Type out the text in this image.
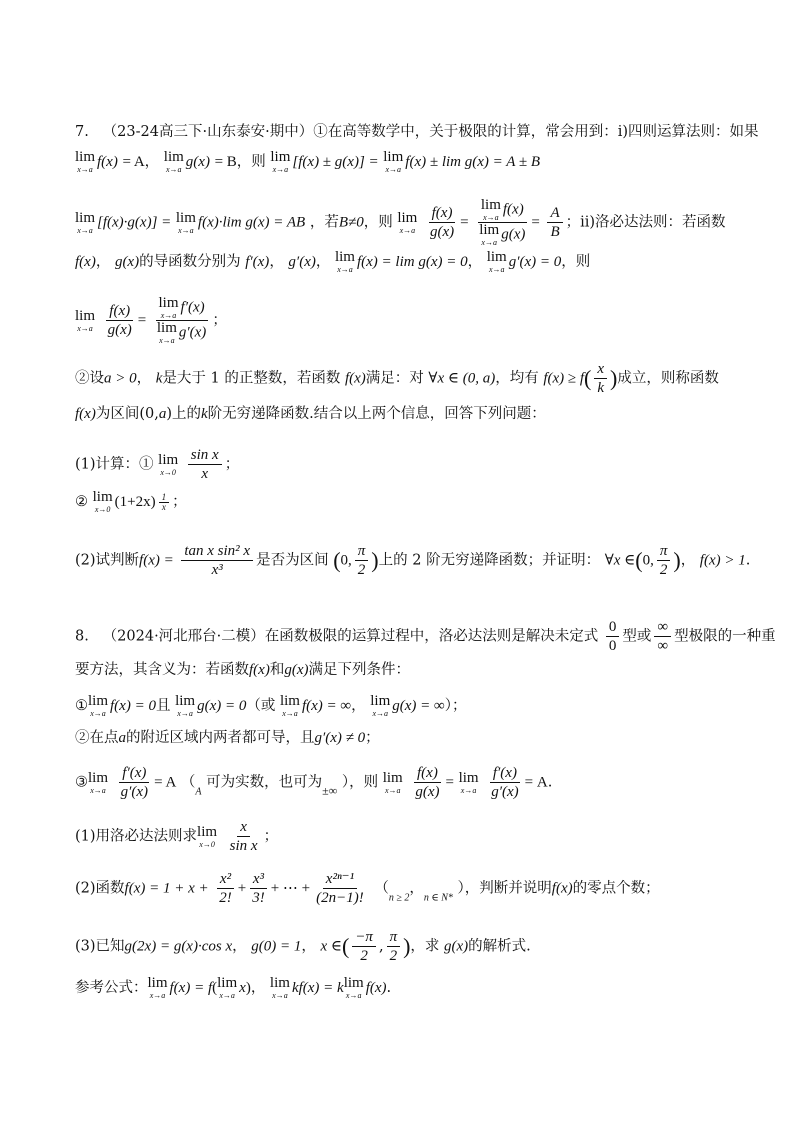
7. （23-24高三下·山东泰安·期中）①在高等数学中，关于极限的计算，常会用到：i)四则运算法则：如果
lim
x→a f(x) = A， lim
x→a g(x) = B，则 lim
x→a [f(x) ± g(x)] = lim
x→a f(x) ± lim g(x) = A ± B
lim
x→a [f(x)·g(x)] = lim
x→a f(x)·lim g(x) = AB ，若B≠0，则 lim
x→a
$\frac{f(x)}{g(x)} = \lim$
x→a
f(x)
lim
x→a
$g(x) = \frac{A}{B}$ ；ii)洛必达法则：若函数
f(x)， g(x)的导函数分别为 f′(x)， g′(x)， lim
x→a f(x) = lim g(x) = 0， lim
x→a g′(x) = 0，则
lim
x→a
$\frac{f(x)}{g(x)} = \lim$
x→a
f′(x)
lim
x→a
g′(x) ；
②设a > 0， k是大于 1 的正整数，若函数 f(x)满足：对 ∀x ∈ (0, a)，均有 $f(x) \ge f( \frac{x}{k}$ )成立，则称函数
f(x)为区间(0,a)上的k阶无穷递降函数.结合以上两个信息，回答下列问题：
(1)计算：① lim
x→0
$\frac{\text{sin x}}{x}$ ；
② lim
x→0 $(1+2x) \frac{1}{x}$ ；
(2)试判断$f(x) = \frac{\text{tan x sin² x}}{\text{x³}}$ 是否为区间 (0, $\frac{\pi}{2}$ )上的 2 阶无穷递降函数；并证明： ∀x ∈(0, $\frac{\pi}{2}$ )， f(x) > 1.
8. （2024·河北邢台·二模）在函数极限的运算过程中，洛必达法则是解决未定式 $\frac{0}{0}$ 型或 $\frac{\infty}{\infty}$ 型极限的一种重
要方法，其含义为：若函数f(x)和g(x)满足下列条件：
① lim
x→a f(x) = 0且 lim
x→a g(x) = 0（或 lim
x→a f(x) = ∞， lim
x→a g(x) = ∞）；
②在点a的附近区域内两者都可导，且g′(x) ≠ 0；
③ lim
x→a
$\frac{f'(x)}{g'(x)} = A$ （$_A$ 可为实数，也可为$_{\pm\infty}$ ），则 lim
x→a
$\frac{f(x)}{g(x)} = \lim$
x→a
$\frac{f'(x)}{g'(x)} = A$.
(1)用洛必达法则求 lim
x→0
$\frac{x}{\text{sin x}}$ ；
(2)函数$f(x) = 1 + x + \frac{\text{x²}}{2!} + \frac{\text{x³}}{3!}$ + ⋯ + $\frac{\text{x²ⁿ⁻¹}}{(2n-1)!} (_{n \ge 2}$，$_{n \in N*}$ ），判断并说明f(x)的零点个数；
(3)已知g(2x) = g(x)·cos x， g(0) = 1， x ∈( $\frac{-\pi}{2}$ , $\frac{\pi}{2}$ )，求 g(x)的解析式.
参考公式： lim
x→a f(x) = f( lim
x→a x)， lim
x→a kf(x) = k lim
x→a f(x).
